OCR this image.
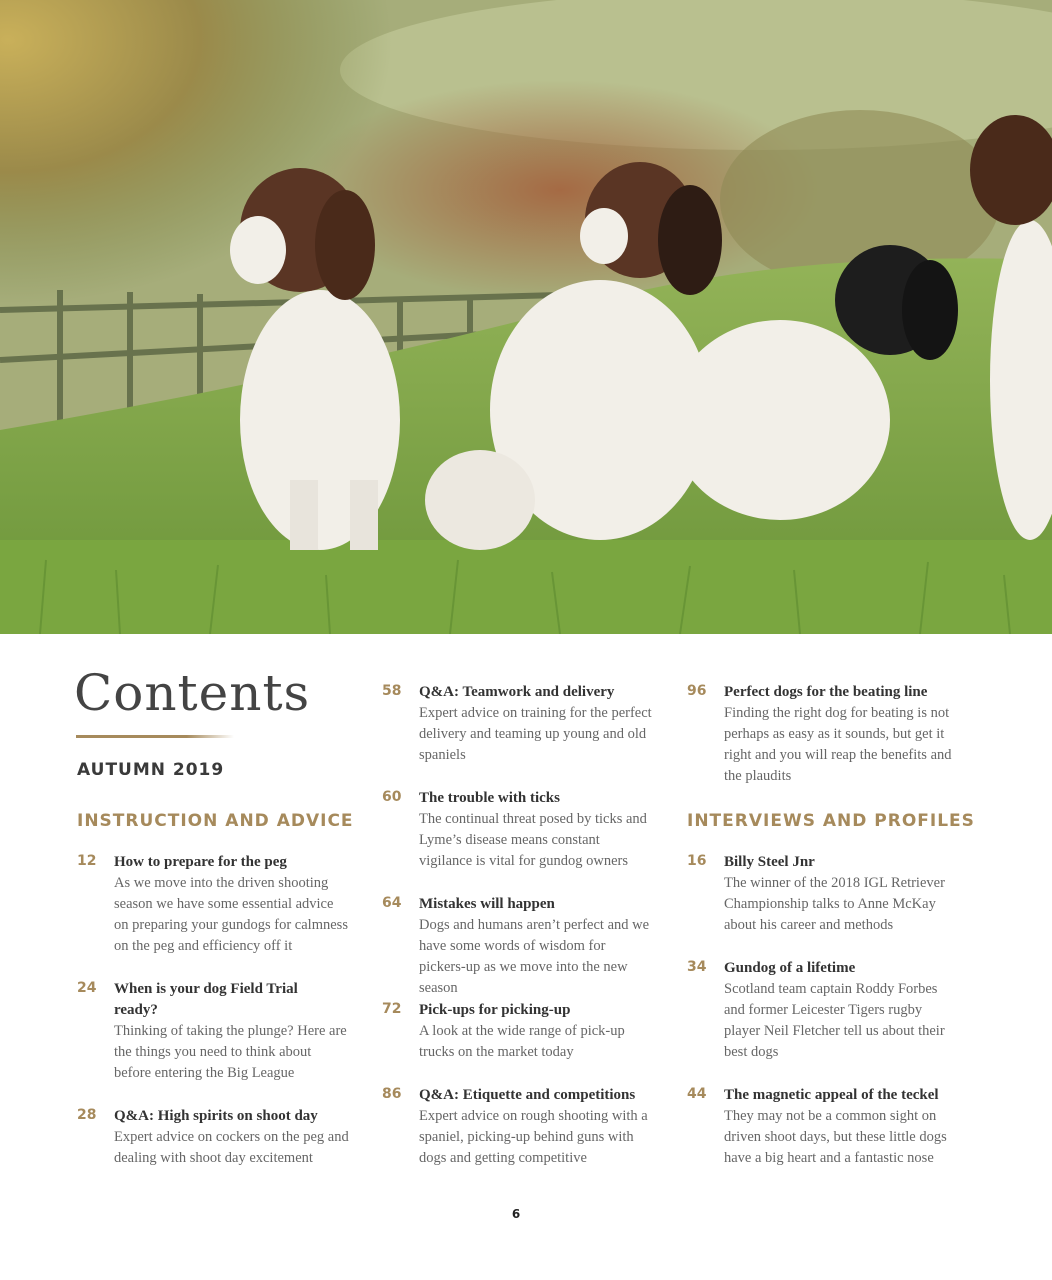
Contents
AUTUMN 2019
INSTRUCTION AND ADVICE	INTERVIEWS AND PROFILES
12 How to prepare for the peg
As we move into the driven shooting season we have some essential advice on preparing your gundogs for calmness on the peg and efficiency off it
24 When is your dog Field Trial ready?
Thinking of taking the plunge? Here are the things you need to think about before entering the Big League
28 Q&A: High spirits on shoot day
Expert advice on cockers on the peg and dealing with shoot day excitement
58 Q&A: Teamwork and delivery
Expert advice on training for the perfect delivery and teaming up young and old spaniels
60 The trouble with ticks
The continual threat posed by ticks and Lyme’s disease means constant vigilance is vital for gundog owners
64 Mistakes will happen
Dogs and humans aren’t perfect and we have some words of wisdom for pickers-up as we move into the new season
72 Pick-ups for picking-up
A look at the wide range of pick-up trucks on the market today
86 Q&A: Etiquette and competitions
Expert advice on rough shooting with a spaniel, picking-up behind guns with dogs and getting competitive
96 Perfect dogs for the beating line
Finding the right dog for beating is not perhaps as easy as it sounds, but get it right and you will reap the benefits and the plaudits
16 Billy Steel Jnr
The winner of the 2018 IGL Retriever Championship talks to Anne McKay about his career and methods
34 Gundog of a lifetime
Scotland team captain Roddy Forbes and former Leicester Tigers rugby player Neil Fletcher tell us about their best dogs
44 The magnetic appeal of the teckel
They may not be a common sight on driven shoot days, but these little dogs have a big heart and a fantastic nose
6
